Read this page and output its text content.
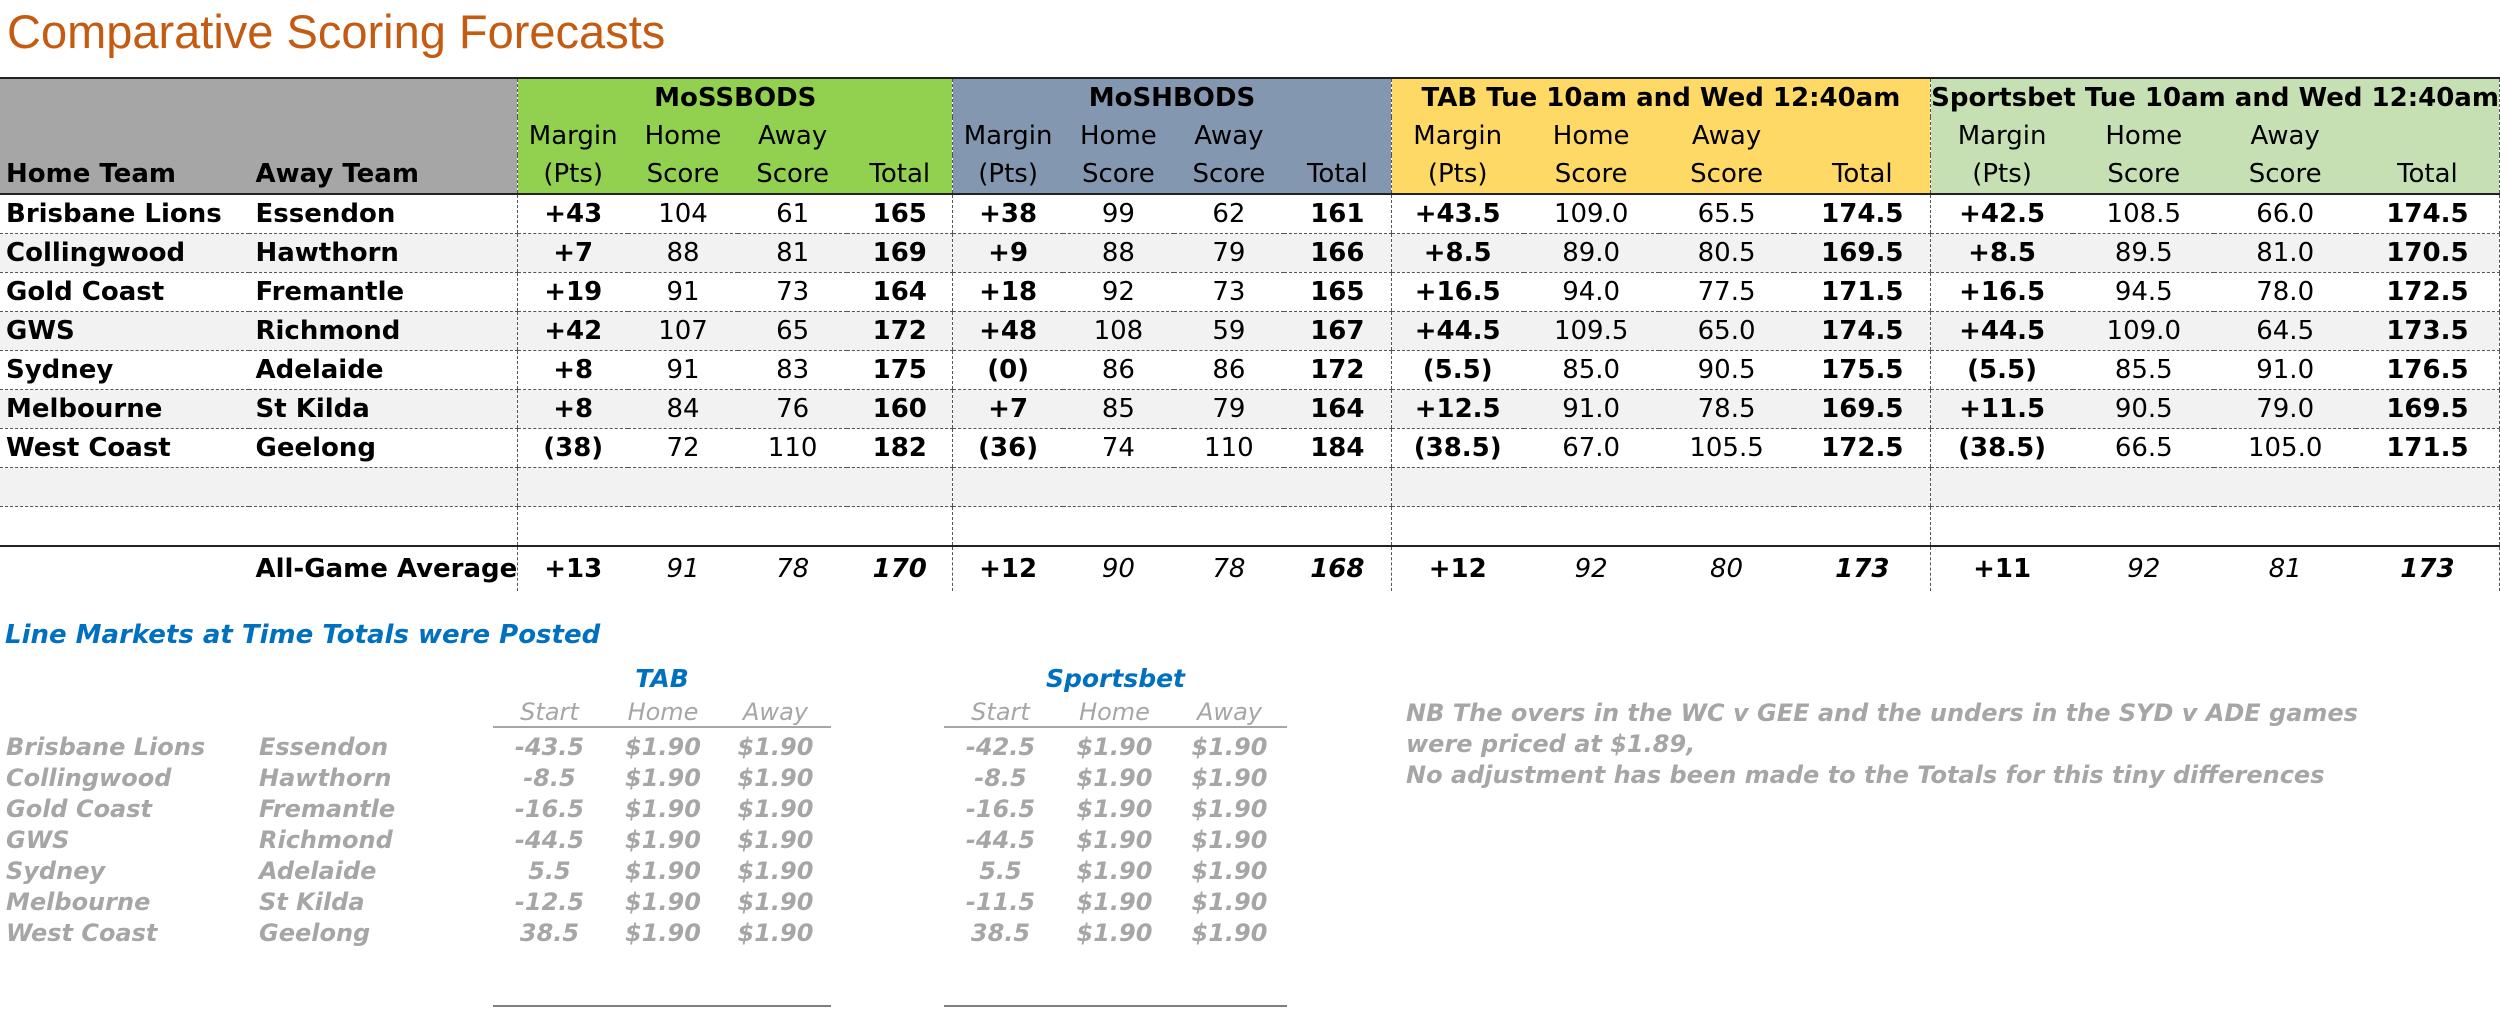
Comparative Scoring Forecasts
		MoSSBODS				MoSHBODS				TAB Tue 10am and Wed 12:40am				Sportsbet Tue 10am and Wed 12:40am			
		Margin	Home	Away		Margin	Home	Away		Margin	Home	Away		Margin	Home	Away	
Home Team	Away Team	(Pts)	Score	Score	Total	(Pts)	Score	Score	Total	(Pts)	Score	Score	Total	(Pts)	Score	Score	Total
Brisbane Lions	Essendon	+43	104	61	165	+38	99	62	161	+43.5	109.0	65.5	174.5	+42.5	108.5	66.0	174.5
Collingwood	Hawthorn	+7	88	81	169	+9	88	79	166	+8.5	89.0	80.5	169.5	+8.5	89.5	81.0	170.5
Gold Coast	Fremantle	+19	91	73	164	+18	92	73	165	+16.5	94.0	77.5	171.5	+16.5	94.5	78.0	172.5
GWS	Richmond	+42	107	65	172	+48	108	59	167	+44.5	109.5	65.0	174.5	+44.5	109.0	64.5	173.5
Sydney	Adelaide	+8	91	83	175	(0)	86	86	172	(5.5)	85.0	90.5	175.5	(5.5)	85.5	91.0	176.5
Melbourne	St Kilda	+8	84	76	160	+7	85	79	164	+12.5	91.0	78.5	169.5	+11.5	90.5	79.0	169.5
West Coast	Geelong	(38)	72	110	182	(36)	74	110	184	(38.5)	67.0	105.5	172.5	(38.5)	66.5	105.0	171.5

	All-Game Average	+13	91	78	170	+12	90	78	168	+12	92	80	173	+11	92	81	173
Line Markets at Time Totals were Posted
TAB	Sportsbet
Start	Home	Away	Start	Home	Away
Brisbane Lions	Essendon	-43.5	$1.90	$1.90	-42.5	$1.90	$1.90
Collingwood	Hawthorn	-8.5	$1.90	$1.90	-8.5	$1.90	$1.90
Gold Coast	Fremantle	-16.5	$1.90	$1.90	-16.5	$1.90	$1.90
GWS	Richmond	-44.5	$1.90	$1.90	-44.5	$1.90	$1.90
Sydney	Adelaide	5.5	$1.90	$1.90	5.5	$1.90	$1.90
Melbourne	St Kilda	-12.5	$1.90	$1.90	-11.5	$1.90	$1.90
West Coast	Geelong	38.5	$1.90	$1.90	38.5	$1.90	$1.90
NB The overs in the WC v GEE and the unders in the SYD v ADE games
were priced at $1.89,
No adjustment has been made to the Totals for this tiny differences
